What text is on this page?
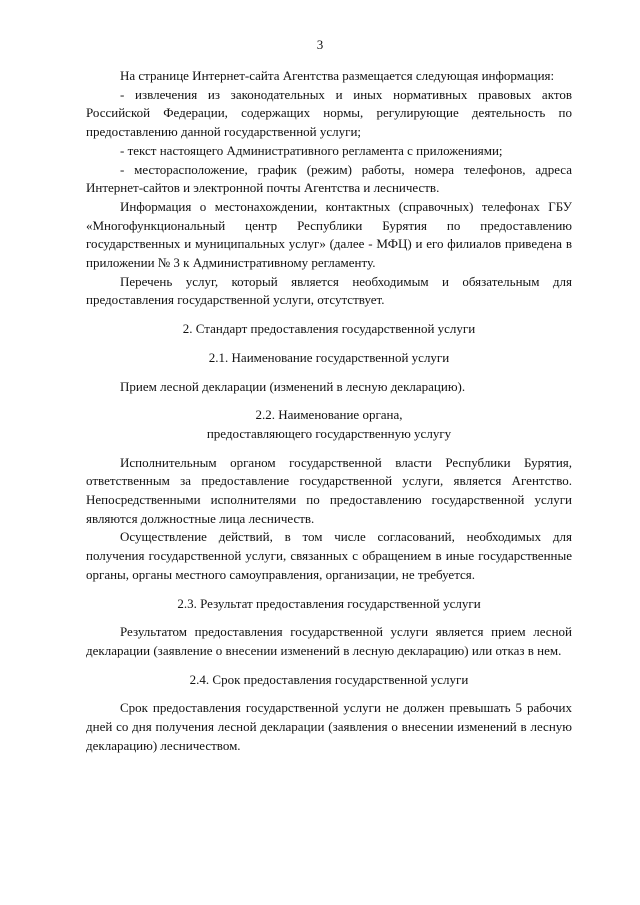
3

На странице Интернет-сайта Агентства размещается следующая информация:

- извлечения из законодательных и иных нормативных правовых актов Российской Федерации, содержащих нормы, регулирующие деятельность по предоставлению данной государственной услуги;

- текст настоящего Административного регламента с приложениями;

- месторасположение, график (режим) работы, номера телефонов, адреса Интернет-сайтов и электронной почты Агентства и лесничеств.

Информация о местонахождении, контактных (справочных) телефонах ГБУ «Многофункциональный центр Республики Бурятия по предоставлению государственных и муниципальных услуг» (далее - МФЦ) и его филиалов приведена в приложении № 3 к Административному регламенту.

Перечень услуг, который является необходимым и обязательным для предоставления государственной услуги, отсутствует.

2. Стандарт предоставления государственной услуги

2.1. Наименование государственной услуги

Прием лесной декларации (изменений в лесную декларацию).

2.2. Наименование органа,

предоставляющего государственную услугу

Исполнительным органом государственной власти Республики Бурятия, ответственным за предоставление государственной услуги, является Агентство. Непосредственными исполнителями по предоставлению государственной услуги являются должностные лица лесничеств.

Осуществление действий, в том числе согласований, необходимых для получения государственной услуги, связанных с обращением в иные государственные органы, органы местного самоуправления, организации, не требуется.

2.3. Результат предоставления государственной услуги

Результатом предоставления государственной услуги является прием лесной декларации (заявление о внесении изменений в лесную декларацию) или отказ в нем.

2.4. Срок предоставления государственной услуги

Срок предоставления государственной услуги не должен превышать 5 рабочих дней со дня получения лесной декларации (заявления о внесении изменений в лесную декларацию) лесничеством.
